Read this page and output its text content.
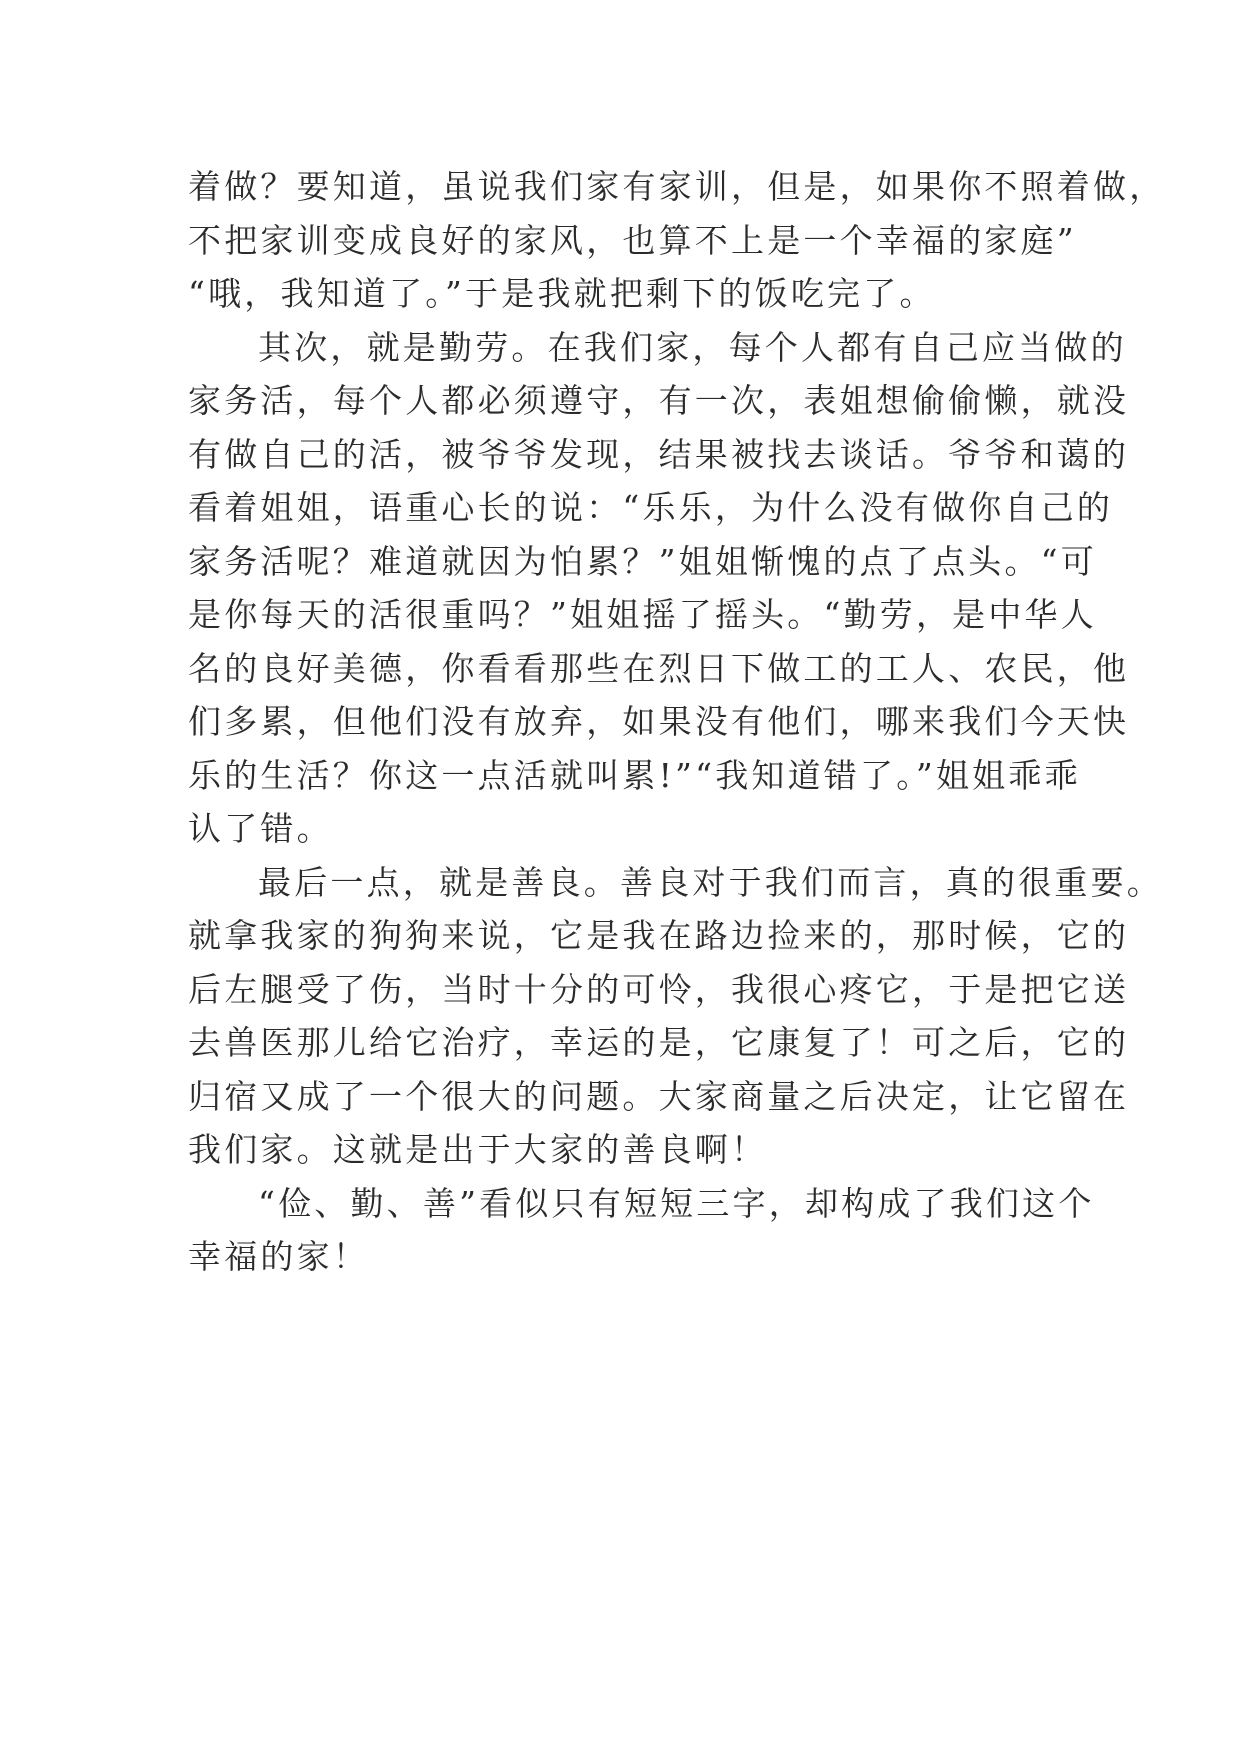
着做？要知道，虽说我们家有家训，但是，如果你不照着做，
不把家训变成良好的家风，也算不上是一个幸福的家庭”
“哦，我知道了。”于是我就把剩下的饭吃完了。
其次，就是勤劳。在我们家，每个人都有自己应当做的
家务活，每个人都必须遵守，有一次，表姐想偷偷懒，就没
有做自己的活，被爷爷发现，结果被找去谈话。爷爷和蔼的
看着姐姐，语重心长的说：“乐乐，为什么没有做你自己的
家务活呢？难道就因为怕累？”姐姐惭愧的点了点头。“可
是你每天的活很重吗？”姐姐摇了摇头。“勤劳，是中华人
名的良好美德，你看看那些在烈日下做工的工人、农民，他
们多累，但他们没有放弃，如果没有他们，哪来我们今天快
乐的生活？你这一点活就叫累!”“我知道错了。”姐姐乖乖
认了错。
最后一点，就是善良。善良对于我们而言，真的很重要。
就拿我家的狗狗来说，它是我在路边捡来的，那时候，它的
后左腿受了伤，当时十分的可怜，我很心疼它，于是把它送
去兽医那儿给它治疗，幸运的是，它康复了！可之后，它的
归宿又成了一个很大的问题。大家商量之后决定，让它留在
我们家。这就是出于大家的善良啊！
“俭、勤、善”看似只有短短三字，却构成了我们这个
幸福的家！
